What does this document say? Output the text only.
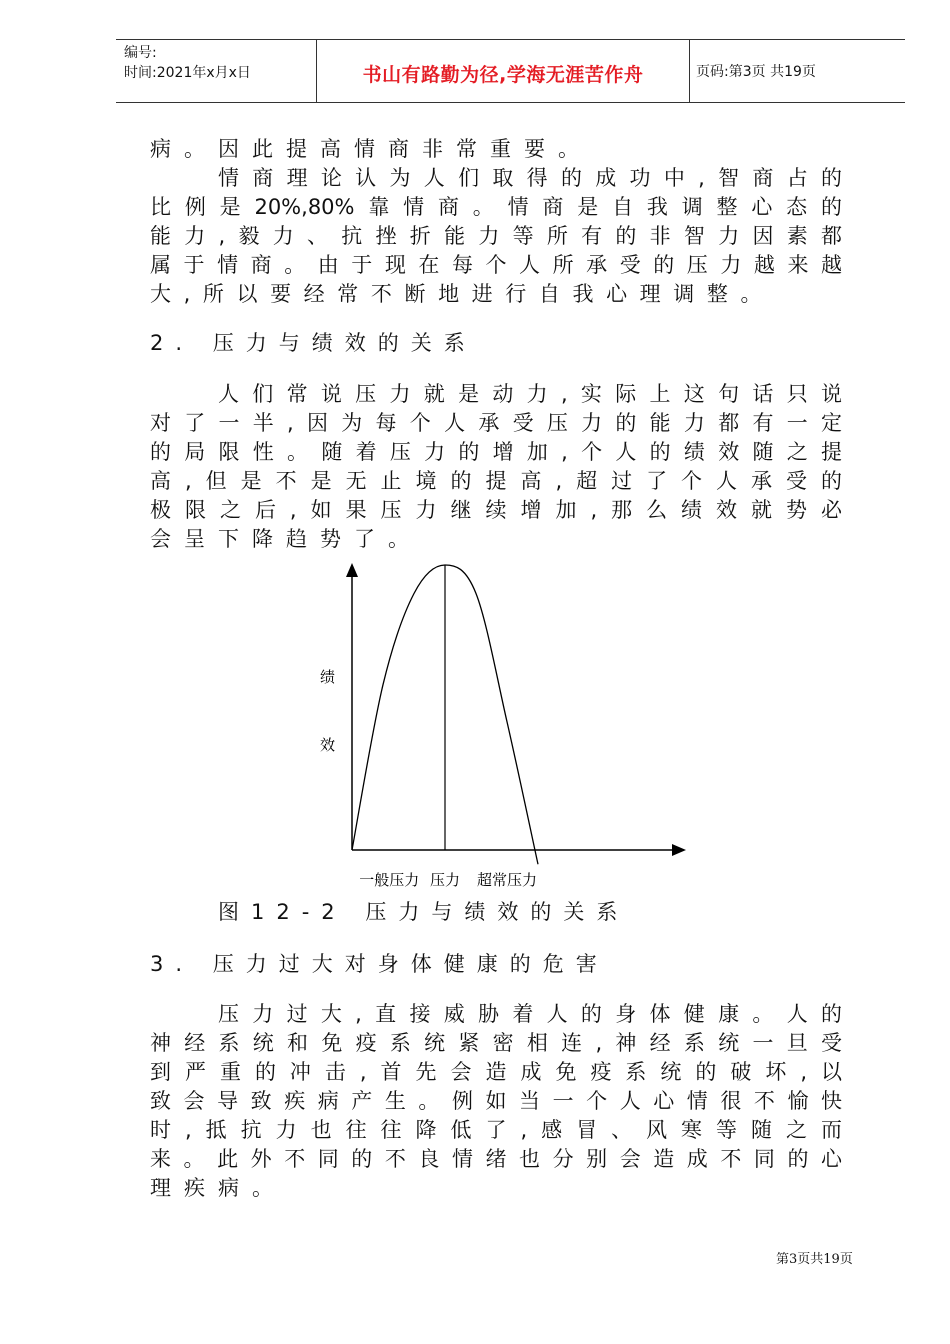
编号:
时间:2021年x月x日	书山有路勤为径,学海无涯苦作舟	页码:第3页 共19页
病。因此提高情商非常重要。
情商理论认为人们取得的成功中,智商占的
比例是20%,80%靠情商。情商是自我调整心态的
能力,毅力、抗挫折能力等所有的非智力因素都
属于情商。由于现在每个人所承受的压力越来越
大,所以要经常不断地进行自我心理调整。
2. 压力与绩效的关系
人们常说压力就是动力,实际上这句话只说
对了一半,因为每个人承受压力的能力都有一定
的局限性。随着压力的增加,个人的绩效随之提
高,但是不是无止境的提高,超过了个人承受的
极限之后,如果压力继续增加,那么绩效就势必
会呈下降趋势了。
绩
效
一般压力 压力 超常压力
图12-2 压力与绩效的关系
3. 压力过大对身体健康的危害
压力过大,直接威胁着人的身体健康。人的
神经系统和免疫系统紧密相连,神经系统一旦受
到严重的冲击,首先会造成免疫系统的破坏,以
致会导致疾病产生。例如当一个人心情很不愉快
时,抵抗力也往往降低了,感冒、风寒等随之而
来。此外不同的不良情绪也分别会造成不同的心
理疾病。
第3页共19页
